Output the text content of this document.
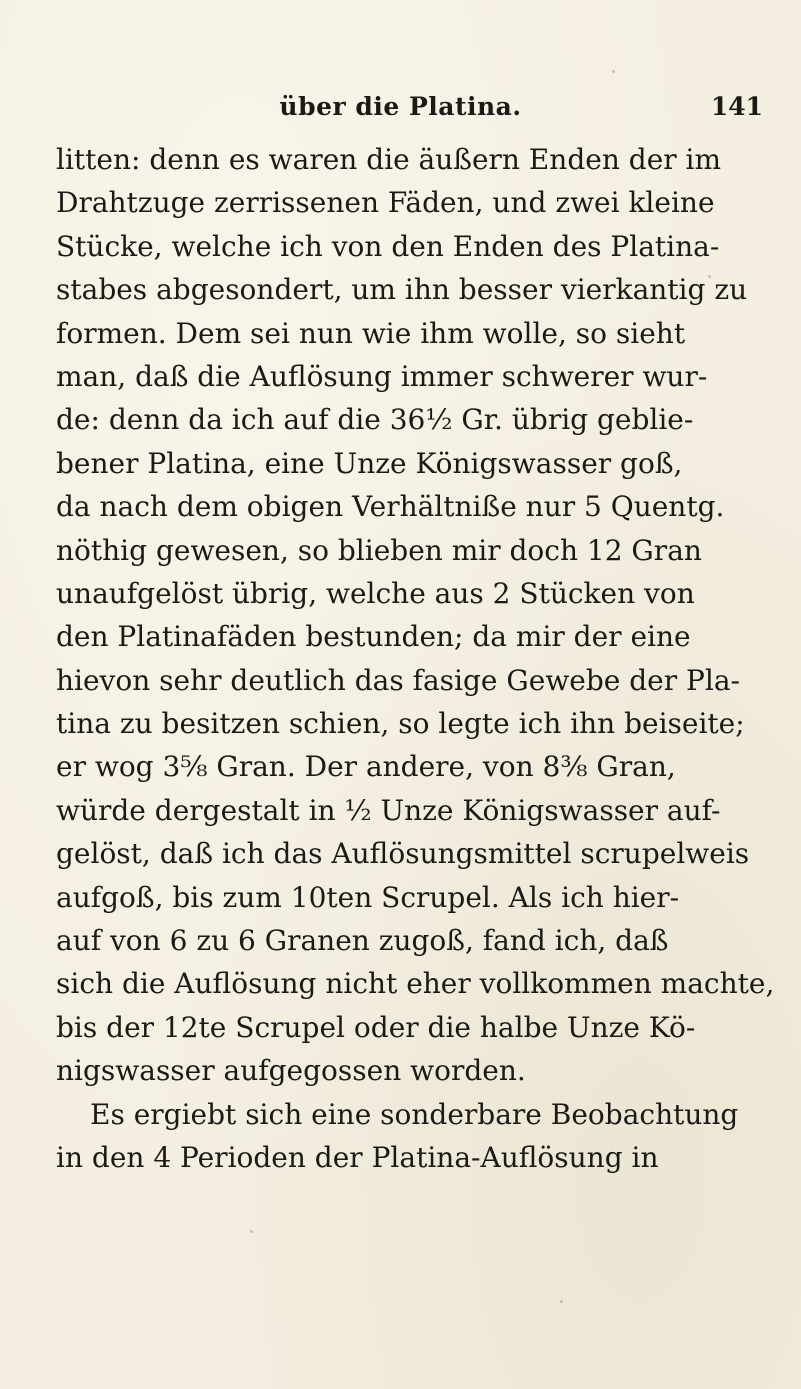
über die Platina.	141
litten: denn es waren die äußern Enden der im
Drahtzuge zerrissenen Fäden, und zwei kleine
Stücke, welche ich von den Enden des Platina-
stabes abgesondert, um ihn besser vierkantig zu
formen. Dem sei nun wie ihm wolle, so sieht
man, daß die Auflösung immer schwerer wur-
de: denn da ich auf die 36½ Gr. übrig geblie-
bener Platina, eine Unze Königswasser goß,
da nach dem obigen Verhältniße nur 5 Quentg.
nöthig gewesen, so blieben mir doch 12 Gran
unaufgelöst übrig, welche aus 2 Stücken von
den Platinafäden bestunden; da mir der eine
hievon sehr deutlich das fasige Gewebe der Pla-
tina zu besitzen schien, so legte ich ihn beiseite;
er wog 3⅝ Gran. Der andere, von 8⅜ Gran,
würde dergestalt in ½ Unze Königswasser auf-
gelöst, daß ich das Auflösungsmittel scrupelweis
aufgoß, bis zum 10ten Scrupel. Als ich hier-
auf von 6 zu 6 Granen zugoß, fand ich, daß
sich die Auflösung nicht eher vollkommen machte,
bis der 12te Scrupel oder die halbe Unze Kö-
nigswasser aufgegossen worden.
Es ergiebt sich eine sonderbare Beobachtung
in den 4 Perioden der Platina-Auflösung in
